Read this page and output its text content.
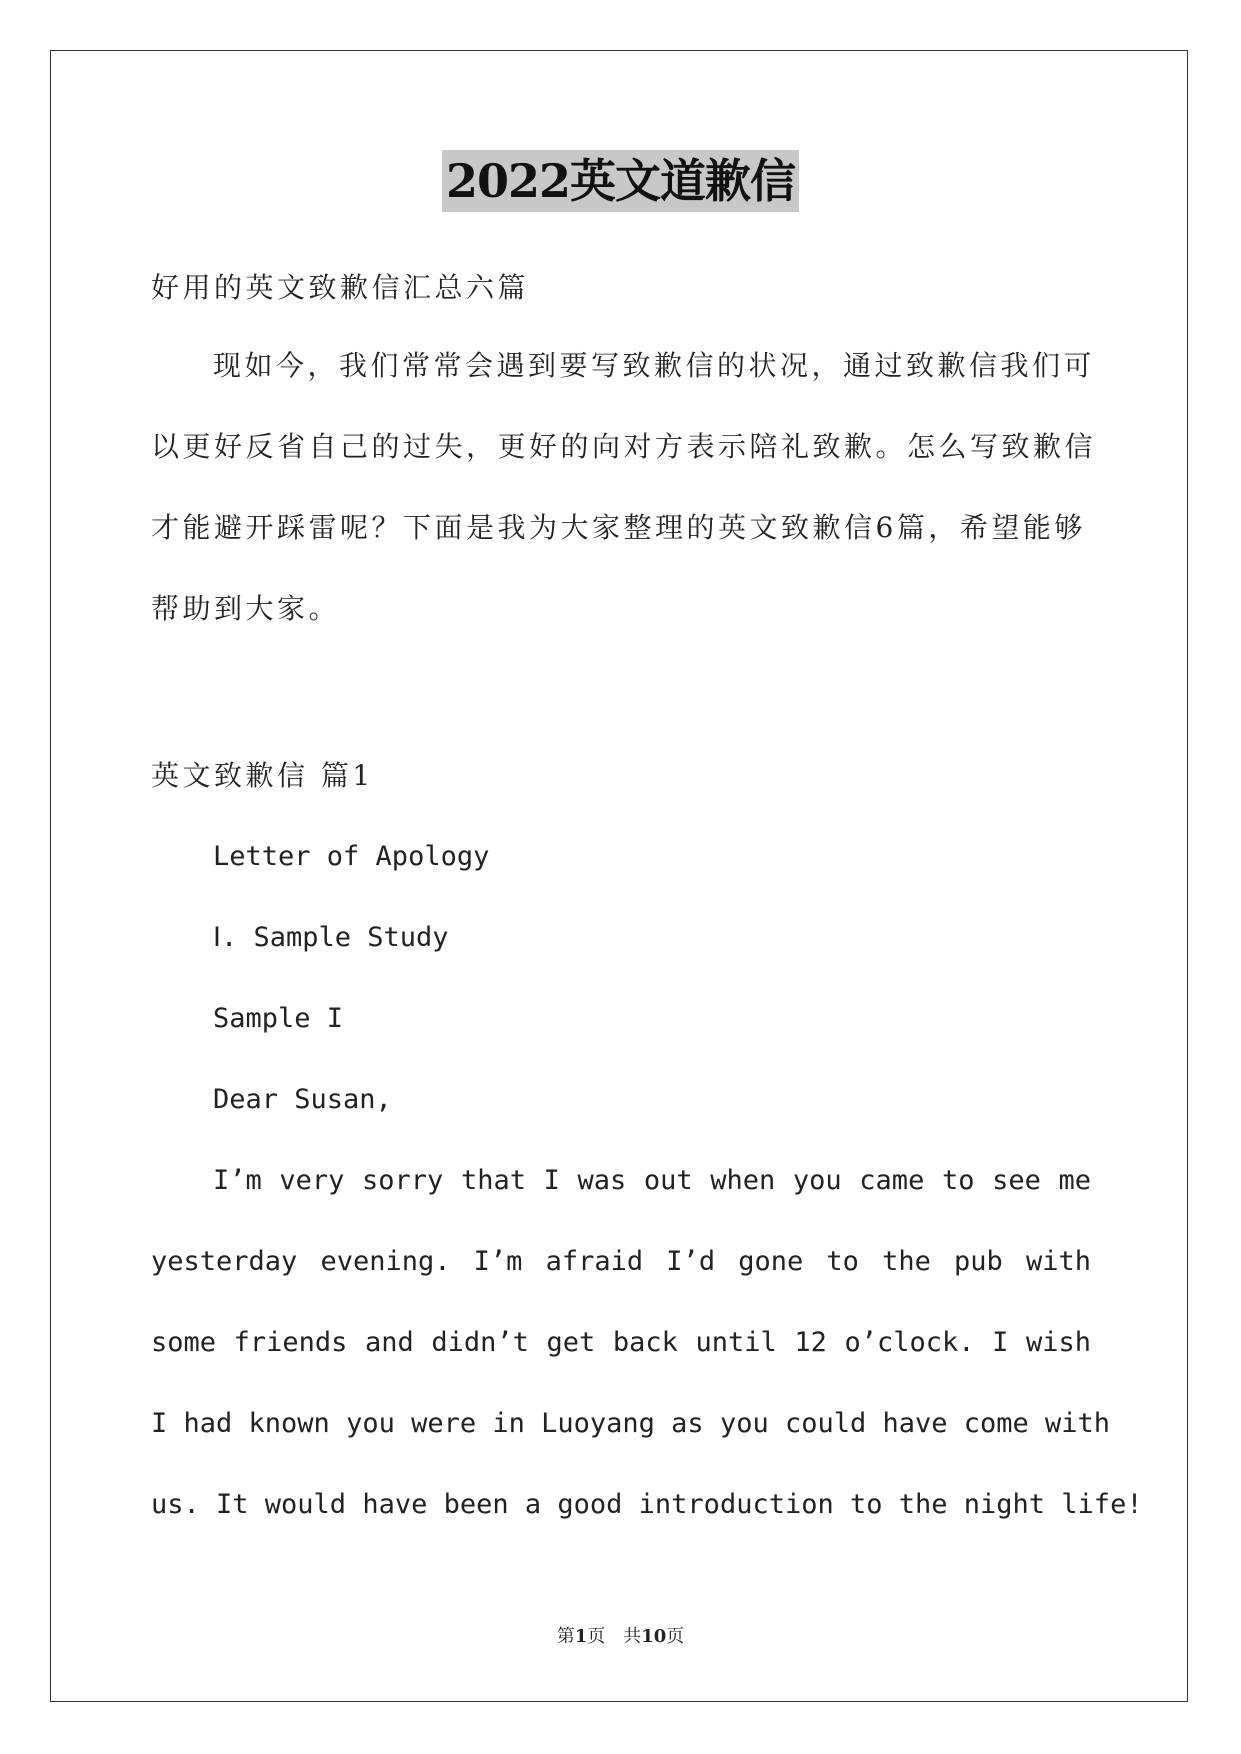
2022英文道歉信
好用的英文致歉信汇总六篇
现如今，我们常常会遇到要写致歉信的状况，通过致歉信我们可
以更好反省自己的过失，更好的向对方表示陪礼致歉。怎么写致歉信
才能避开踩雷呢？下面是我为大家整理的英文致歉信6篇，希望能够
帮助到大家。
英文致歉信 篇1
Letter of Apology
Ⅰ. Sample Study
Sample I
Dear Susan,
I’m very sorry that I was out when you came to see me
yesterday evening. I’m afraid I’d gone to the pub with
some friends and didn’t get back until 12 o’clock. I wish
I had known you were in Luoyang as you could have come with
us. It would have been a good introduction to the night life!
第1页　共10页
